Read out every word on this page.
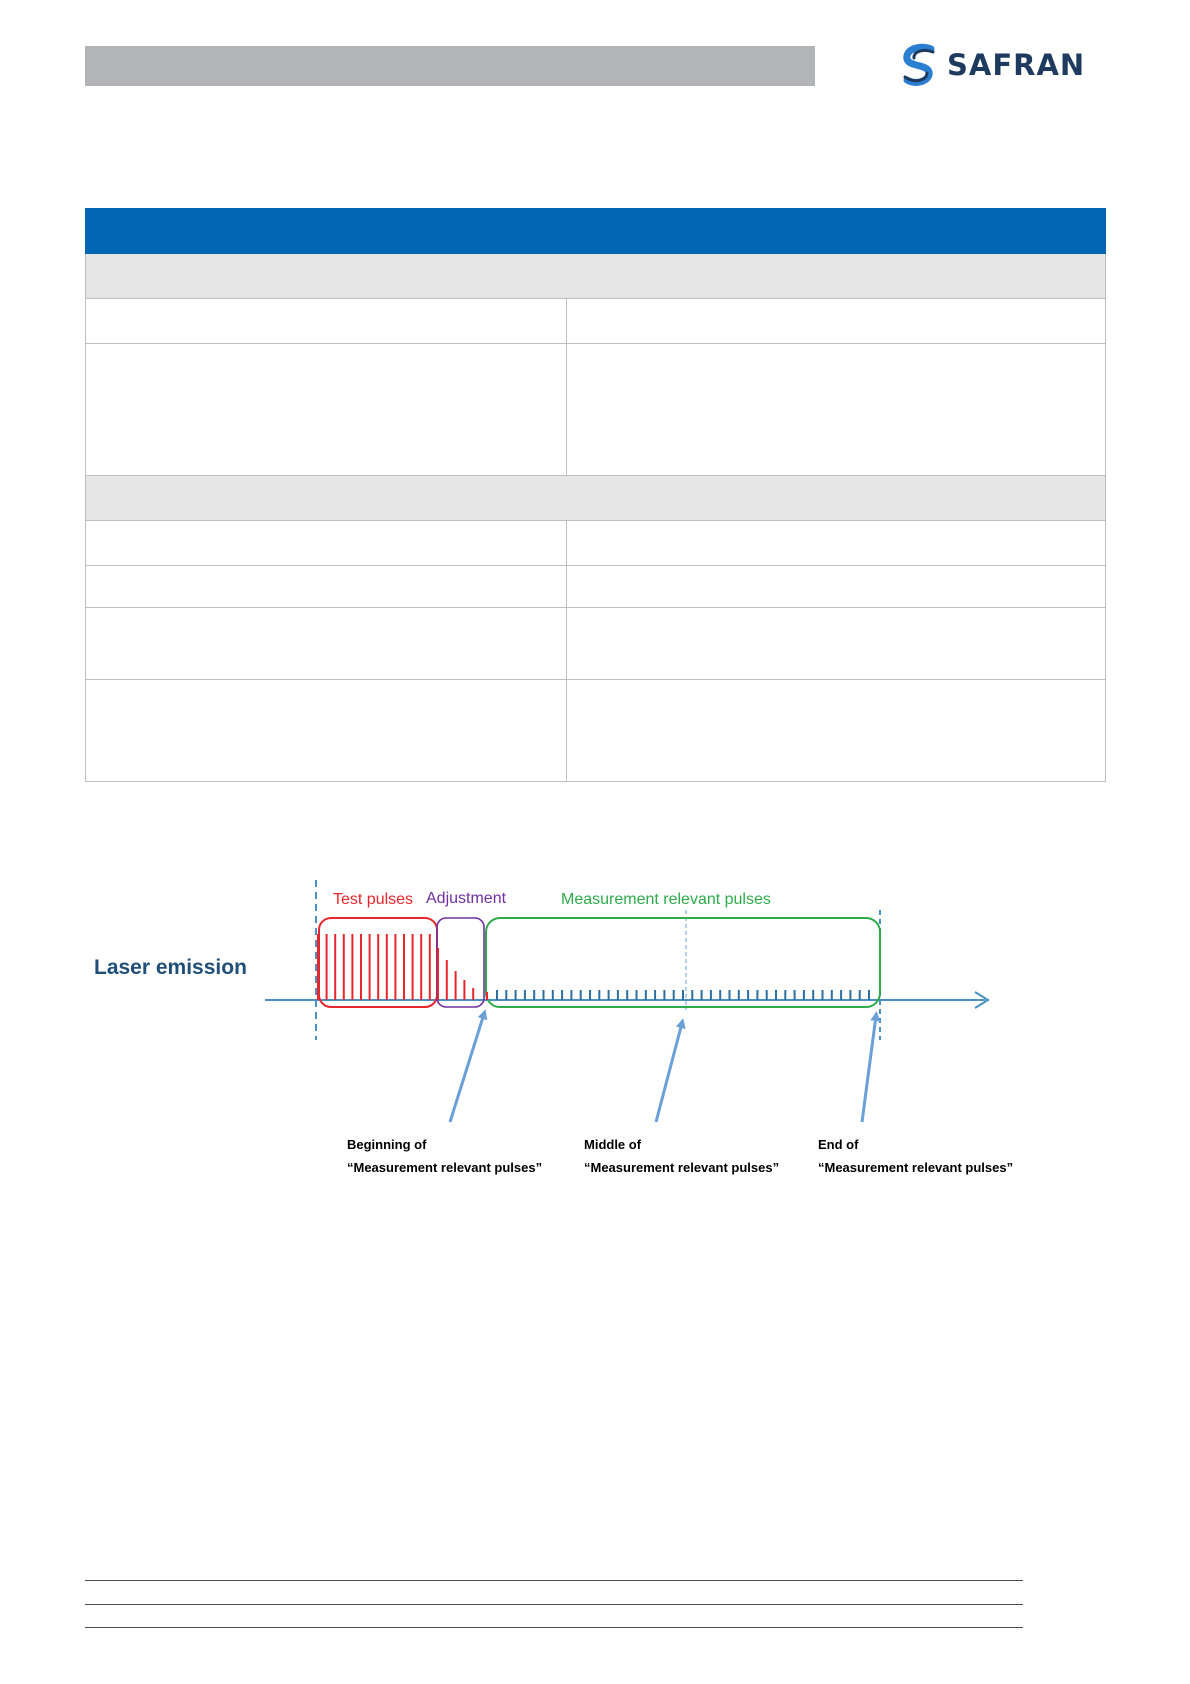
SAFRAN

Laser emission
Test pulses Adjustment	Measurement relevant pulses
Beginning of
“Measurement relevant pulses”
Middle of
“Measurement relevant pulses”
End of
“Measurement relevant pulses”
